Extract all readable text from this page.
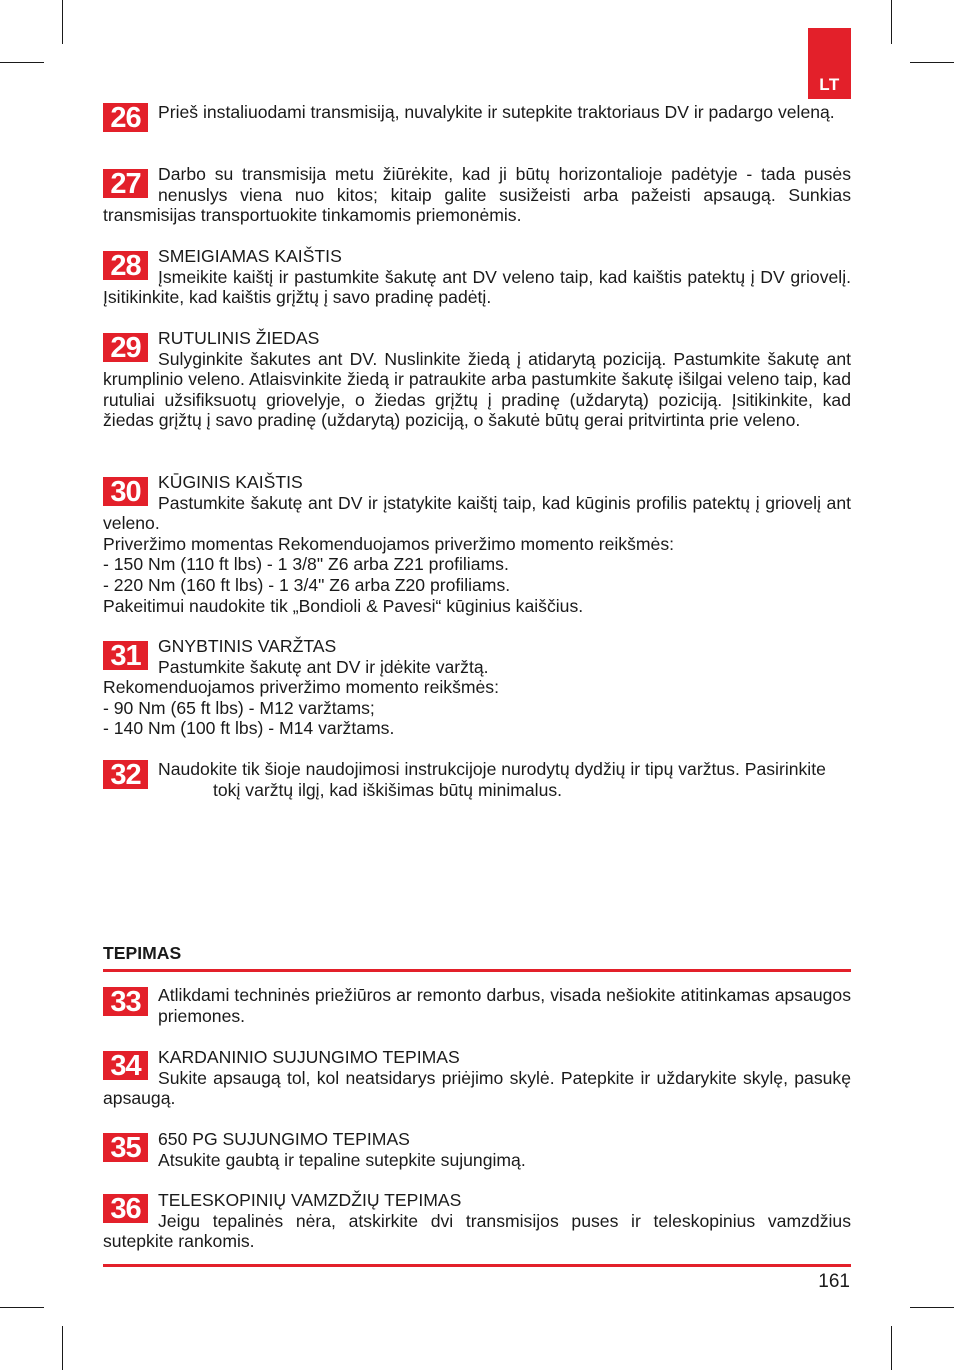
LT
26 Prieš instaliuodami transmisiją, nuvalykite ir sutepkite traktoriaus DV ir padargo veleną.
27 Darbo su transmisija metu žiūrėkite, kad ji būtų horizontalioje padėtyje - tada pusės nenuslys viena nuo kitos; kitaip galite susižeisti arba pažeisti apsaugą. Sunkias transmisijas transportuokite tinkamomis priemonėmis.
28 SMEIGIAMAS KAIŠTIS
Įsmeikite kaištį ir pastumkite šakutę ant DV veleno taip, kad kaištis patektų į DV griovelį. Įsitikinkite, kad kaištis grįžtų į savo pradinę padėtį.
29 RUTULINIS ŽIEDAS
Sulyginkite šakutes ant DV. Nuslinkite žiedą į atidarytą poziciją. Pastumkite šakutę ant krumplinio veleno. Atlaisvinkite žiedą ir patraukite arba pastumkite šakutę išilgai veleno taip, kad rutuliai užsifiksuotų griovelyje, o žiedas grįžtų į pradinę (uždarytą) poziciją. Įsitikinkite, kad žiedas grįžtų į savo pradinę (uždarytą) poziciją, o šakutė būtų gerai pritvirtinta prie veleno.
30 KŪGINIS KAIŠTIS
Pastumkite šakutę ant DV ir įstatykite kaištį taip, kad kūginis profilis patektų į griovelį ant veleno.
Priveržimo momentas Rekomenduojamos priveržimo momento reikšmės:
- 150 Nm (110 ft lbs) - 1 3/8" Z6 arba Z21 profiliams.
- 220 Nm (160 ft lbs) - 1 3/4" Z6 arba Z20 profiliams.
Pakeitimui naudokite tik „Bondioli & Pavesi“ kūginius kaiščius.
31 GNYBTINIS VARŽTAS
Pastumkite šakutę ant DV ir įdėkite varžtą.
Rekomenduojamos priveržimo momento reikšmės:
- 90 Nm (65 ft lbs) - M12 varžtams;
- 140 Nm (100 ft lbs) - M14 varžtams.
32 Naudokite tik šioje naudojimosi instrukcijoje nurodytų dydžių ir tipų varžtus. Pasirinkite tokį varžtų ilgį, kad iškišimas būtų minimalus.
TEPIMAS
33 Atlikdami techninės priežiūros ar remonto darbus, visada nešiokite atitinkamas apsaugos priemones.
34 KARDANINIO SUJUNGIMO TEPIMAS
Sukite apsaugą tol, kol neatsidarys priėjimo skylė. Patepkite ir uždarykite skylę, pasukę apsaugą.
35 650 PG SUJUNGIMO TEPIMAS
Atsukite gaubtą ir tepaline sutepkite sujungimą.
36 TELESKOPINIŲ VAMZDŽIŲ TEPIMAS
Jeigu tepalinės nėra, atskirkite dvi transmisijos puses ir teleskopinius vamzdžius sutepkite rankomis.
161
